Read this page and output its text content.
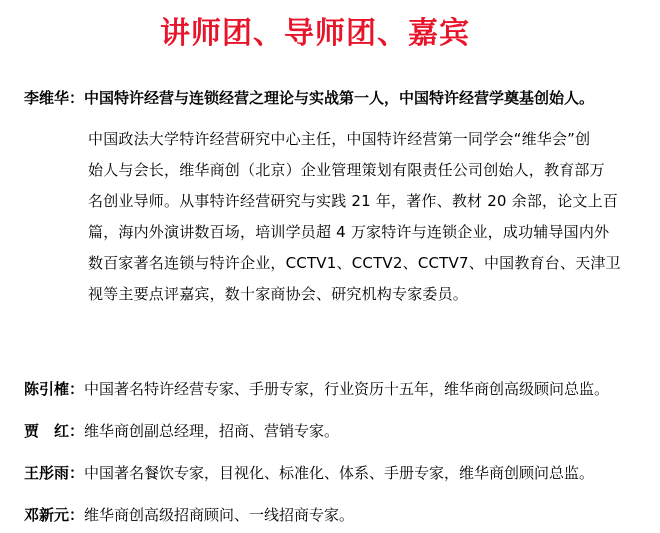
讲师团、导师团、嘉宾
李维华：中国特许经营与连锁经营之理论与实战第一人，中国特许经营学奠基创始人。
中国政法大学特许经营研究中心主任，中国特许经营第一同学会“维华会”创
始人与会长，维华商创（北京）企业管理策划有限责任公司创始人，教育部万
名创业导师。从事特许经营研究与实践 21 年，著作、教材 20 余部，论文上百
篇，海内外演讲数百场，培训学员超 4 万家特许与连锁企业，成功辅导国内外
数百家著名连锁与特许企业，CCTV1、CCTV2、CCTV7、中国教育台、天津卫
视等主要点评嘉宾，数十家商协会、研究机构专家委员。
陈引榷：中国著名特许经营专家、手册专家，行业资历十五年，维华商创高级顾问总监。
贾　红：维华商创副总经理，招商、营销专家。
王彤雨：中国著名餐饮专家，目视化、标准化、体系、手册专家，维华商创顾问总监。
邓新元：维华商创高级招商顾问、一线招商专家。
